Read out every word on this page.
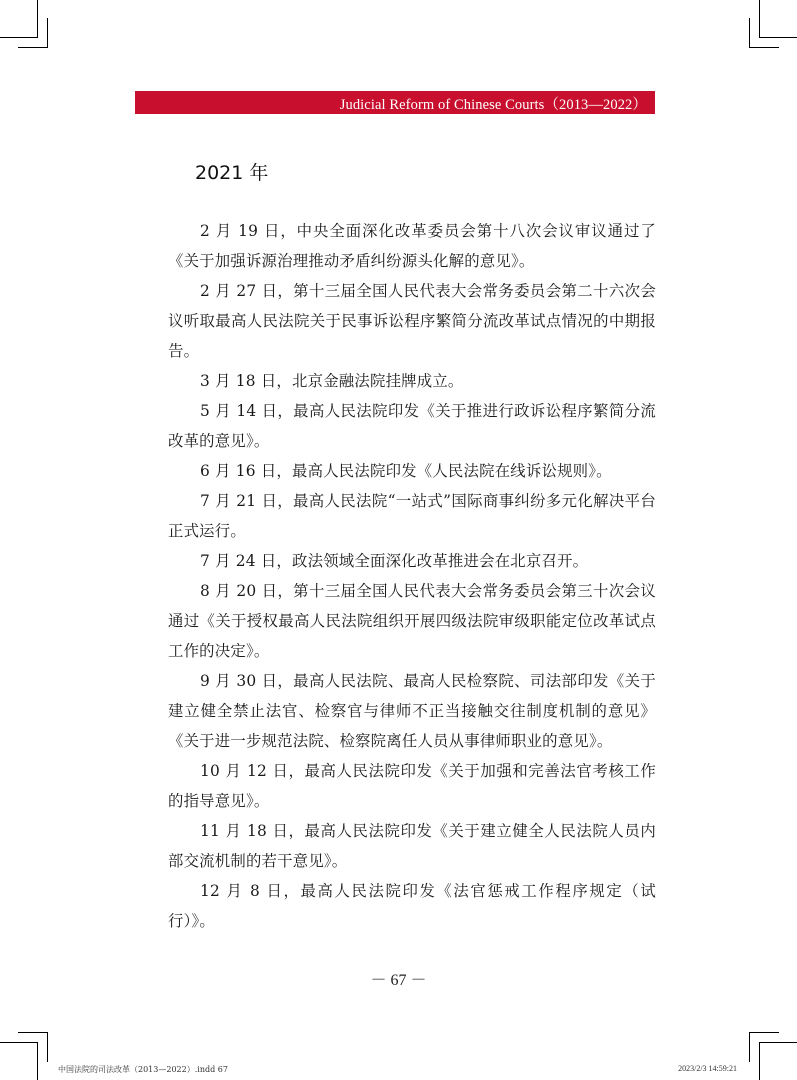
Judicial Reform of Chinese Courts（2013—2022）
2021 年

2 月 19 日，中央全面深化改革委员会第十八次会议审议通过了《关于加强诉源治理推动矛盾纠纷源头化解的意见》。

2 月 27 日，第十三届全国人民代表大会常务委员会第二十六次会议听取最高人民法院关于民事诉讼程序繁简分流改革试点情况的中期报告。

3 月 18 日，北京金融法院挂牌成立。

5 月 14 日，最高人民法院印发《关于推进行政诉讼程序繁简分流改革的意见》。

6 月 16 日，最高人民法院印发《人民法院在线诉讼规则》。

7 月 21 日，最高人民法院“一站式”国际商事纠纷多元化解决平台正式运行。

7 月 24 日，政法领域全面深化改革推进会在北京召开。

8 月 20 日，第十三届全国人民代表大会常务委员会第三十次会议通过《关于授权最高人民法院组织开展四级法院审级职能定位改革试点工作的决定》。

9 月 30 日，最高人民法院、最高人民检察院、司法部印发《关于建立健全禁止法官、检察官与律师不正当接触交往制度机制的意见》《关于进一步规范法院、检察院离任人员从事律师职业的意见》。

10 月 12 日，最高人民法院印发《关于加强和完善法官考核工作的指导意见》。

11 月 18 日，最高人民法院印发《关于建立健全人民法院人员内部交流机制的若干意见》。

12 月 8 日，最高人民法院印发《法官惩戒工作程序规定（试行）》。

－ 67 －
中国法院的司法改革（2013—2022）.indd 67	2023/2/3 14:59:21
